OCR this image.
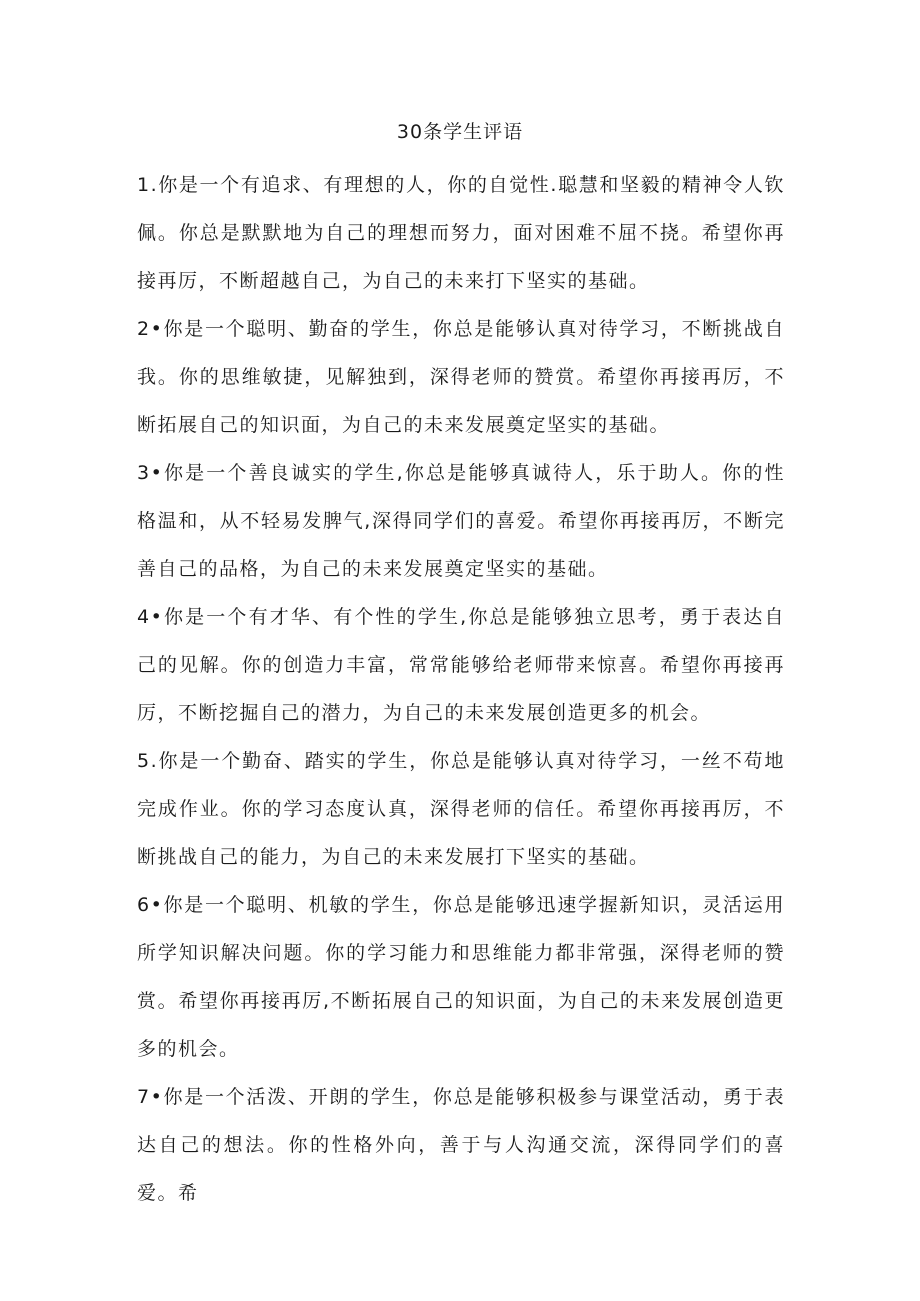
30条学生评语

1.你是一个有追求、有理想的人，你的自觉性.聪慧和坚毅的精神令人钦佩。你总是默默地为自己的理想而努力，面对困难不屈不挠。希望你再接再厉，不断超越自己，为自己的未来打下坚实的基础。

2•你是一个聪明、勤奋的学生，你总是能够认真对待学习，不断挑战自我。你的思维敏捷，见解独到，深得老师的赞赏。希望你再接再厉，不断拓展自己的知识面，为自己的未来发展奠定坚实的基础。

3•你是一个善良诚实的学生,你总是能够真诚待人，乐于助人。你的性格温和，从不轻易发脾气,深得同学们的喜爱。希望你再接再厉，不断完善自己的品格，为自己的未来发展奠定坚实的基础。

4•你是一个有才华、有个性的学生,你总是能够独立思考，勇于表达自己的见解。你的创造力丰富，常常能够给老师带来惊喜。希望你再接再厉，不断挖掘自己的潜力，为自己的未来发展创造更多的机会。

5.你是一个勤奋、踏实的学生，你总是能够认真对待学习，一丝不苟地完成作业。你的学习态度认真，深得老师的信任。希望你再接再厉，不断挑战自己的能力，为自己的未来发展打下坚实的基础。

6•你是一个聪明、机敏的学生，你总是能够迅速学握新知识，灵活运用所学知识解决问题。你的学习能力和思维能力都非常强，深得老师的赞赏。希望你再接再厉,不断拓展自己的知识面，为自己的未来发展创造更多的机会。

7•你是一个活泼、开朗的学生，你总是能够积极参与课堂活动，勇于表达自己的想法。你的性格外向，善于与人沟通交流，深得同学们的喜爱。希
